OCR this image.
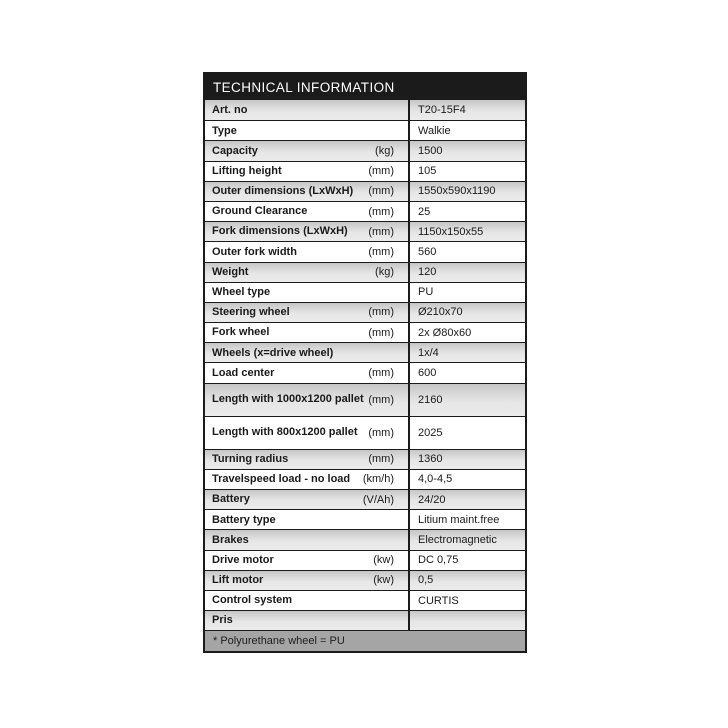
TECHNICAL INFORMATION
Art. no	T20-15F4
Type	Walkie
Capacity	(kg)	1500
Lifting height	(mm)	105
Outer dimensions (LxWxH)	(mm)	1550x590x1190
Ground Clearance	(mm)	25
Fork dimensions (LxWxH)	(mm)	1150x150x55
Outer fork width	(mm)	560
Weight	(kg)	120
Wheel type	PU
Steering wheel	(mm)	Ø210x70
Fork wheel	(mm)	2x Ø80x60
Wheels (x=drive wheel)	1x/4
Load center	(mm)	600
Length with 1000x1200 pallet (mm)	2160
Length with 800x1200 pallet (mm)	2025
Turning radius	(mm)	1360
Travelspeed load - no load	(km/h)	4,0-4,5
Battery	(V/Ah)	24/20
Battery type	Litium maint.free
Brakes	Electromagnetic
Drive motor	(kw)	DC 0,75
Lift motor	(kw)	0,5
Control system	CURTIS
Pris
* Polyurethane wheel = PU
